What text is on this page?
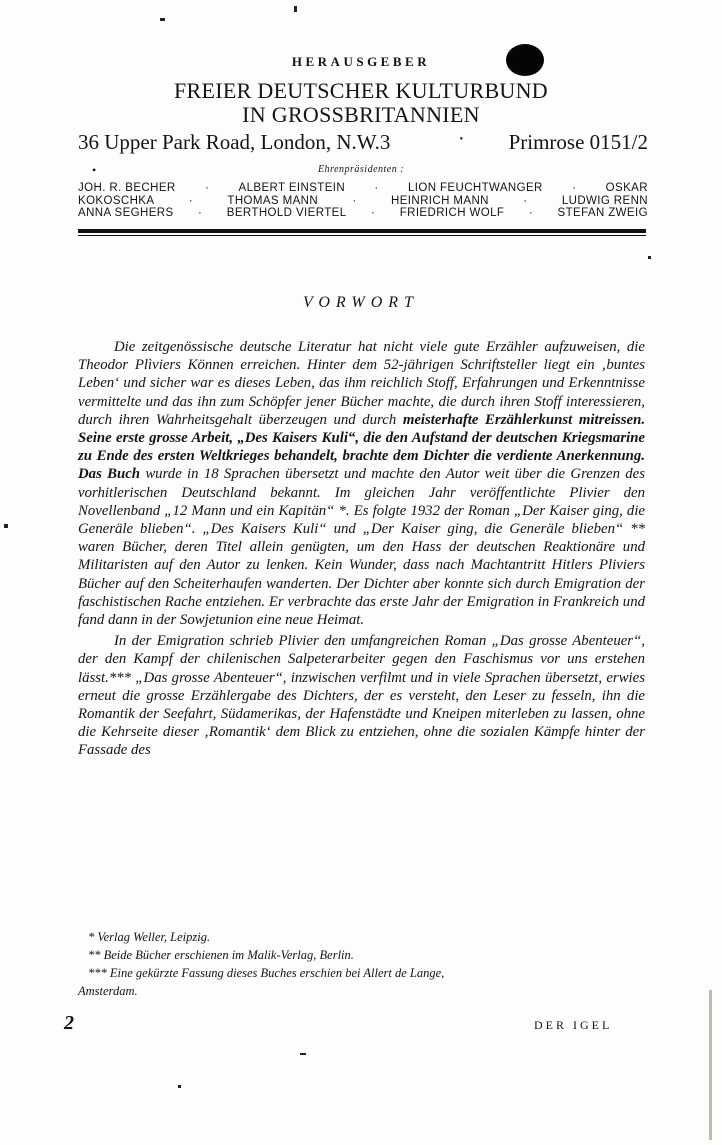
HERAUSGEBER
FREIER DEUTSCHER KULTURBUND
IN GROSSBRITANNIEN
36 Upper Park Road, London, N.W.3	· Primrose 0151/2
•	Ehrenpräsidenten :
JOH. R. BECHER	·	ALBERT EINSTEIN	·	LION FEUCHTWANGER	·	OSKAR
KOKOSCHKA	·	THOMAS MANN	·	HEINRICH MANN	·	LUDWIG RENN
ANNA SEGHERS · BERTHOLD VIERTEL · FRIEDRICH WOLF · STEFAN ZWEIG
VORWORT

Die zeitgenössische deutsche Literatur hat nicht viele gute Erzähler aufzuweisen, die Theodor Plìviers Können erreichen. Hinter dem 52-jährigen Schriftsteller liegt ein ‚buntes Leben‘ und sicher war es dieses Leben, das ihm reichlich Stoff, Erfahrungen und Erkenntnisse vermittelte und das ihn zum Schöpfer jener Bücher machte, die durch ihren Stoff interessieren, durch ihren Wahrheitsgehalt überzeugen und durch meisterhafte Erzählerkunst mitreissen. Seine erste grosse Arbeit, „Des Kaisers Kuli“, die den Aufstand der deutschen Kriegsmarine zu Ende des ersten Weltkrieges behandelt, brachte dem Dichter die verdiente Anerkennung. Das Buch wurde in 18 Sprachen übersetzt und machte den Autor weit über die Grenzen des vorhitlerischen Deutschland bekannt. Im gleichen Jahr veröffentlichte Plivier den Novellenband „12 Mann und ein Kapitän“ *. Es folgte 1932 der Roman „Der Kaiser ging, die Generäle blieben“. „Des Kaisers Kuli“ und „Der Kaiser ging, die Generäle blieben“ ** waren Bücher, deren Titel allein genügten, um den Hass der deutschen Reaktionäre und Militaristen auf den Autor zu lenken. Kein Wunder, dass nach Machtantritt Hitlers Pliviers Bücher auf den Scheiterhaufen wanderten. Der Dichter aber konnte sich durch Emigration der faschistischen Rache entziehen. Er verbrachte das erste Jahr der Emigration in Frankreich und fand dann in der Sowjetunion eine neue Heimat.

In der Emigration schrieb Plivier den umfangreichen Roman „Das grosse Abenteuer“, der den Kampf der chilenischen Salpeterarbeiter gegen den Faschismus vor uns erstehen lässt.*** „Das grosse Abenteuer“, inzwischen verfilmt und in viele Sprachen übersetzt, erwies erneut die grosse Erzählergabe des Dichters, der es versteht, den Leser zu fesseln, ihn die Romantik der Seefahrt, Südamerikas, der Hafenstädte und Kneipen miterleben zu lassen, ohne die Kehrseite dieser ‚Romantik‘ dem Blick zu entziehen, ohne die sozialen Kämpfe hinter der Fassade des

* Verlag Weller, Leipzig.
** Beide Bücher erschienen im Malik-Verlag, Berlin.
*** Eine gekürzte Fassung dieses Buches erschien bei Allert de Lange,
Amsterdam.
2	DER IGEL
